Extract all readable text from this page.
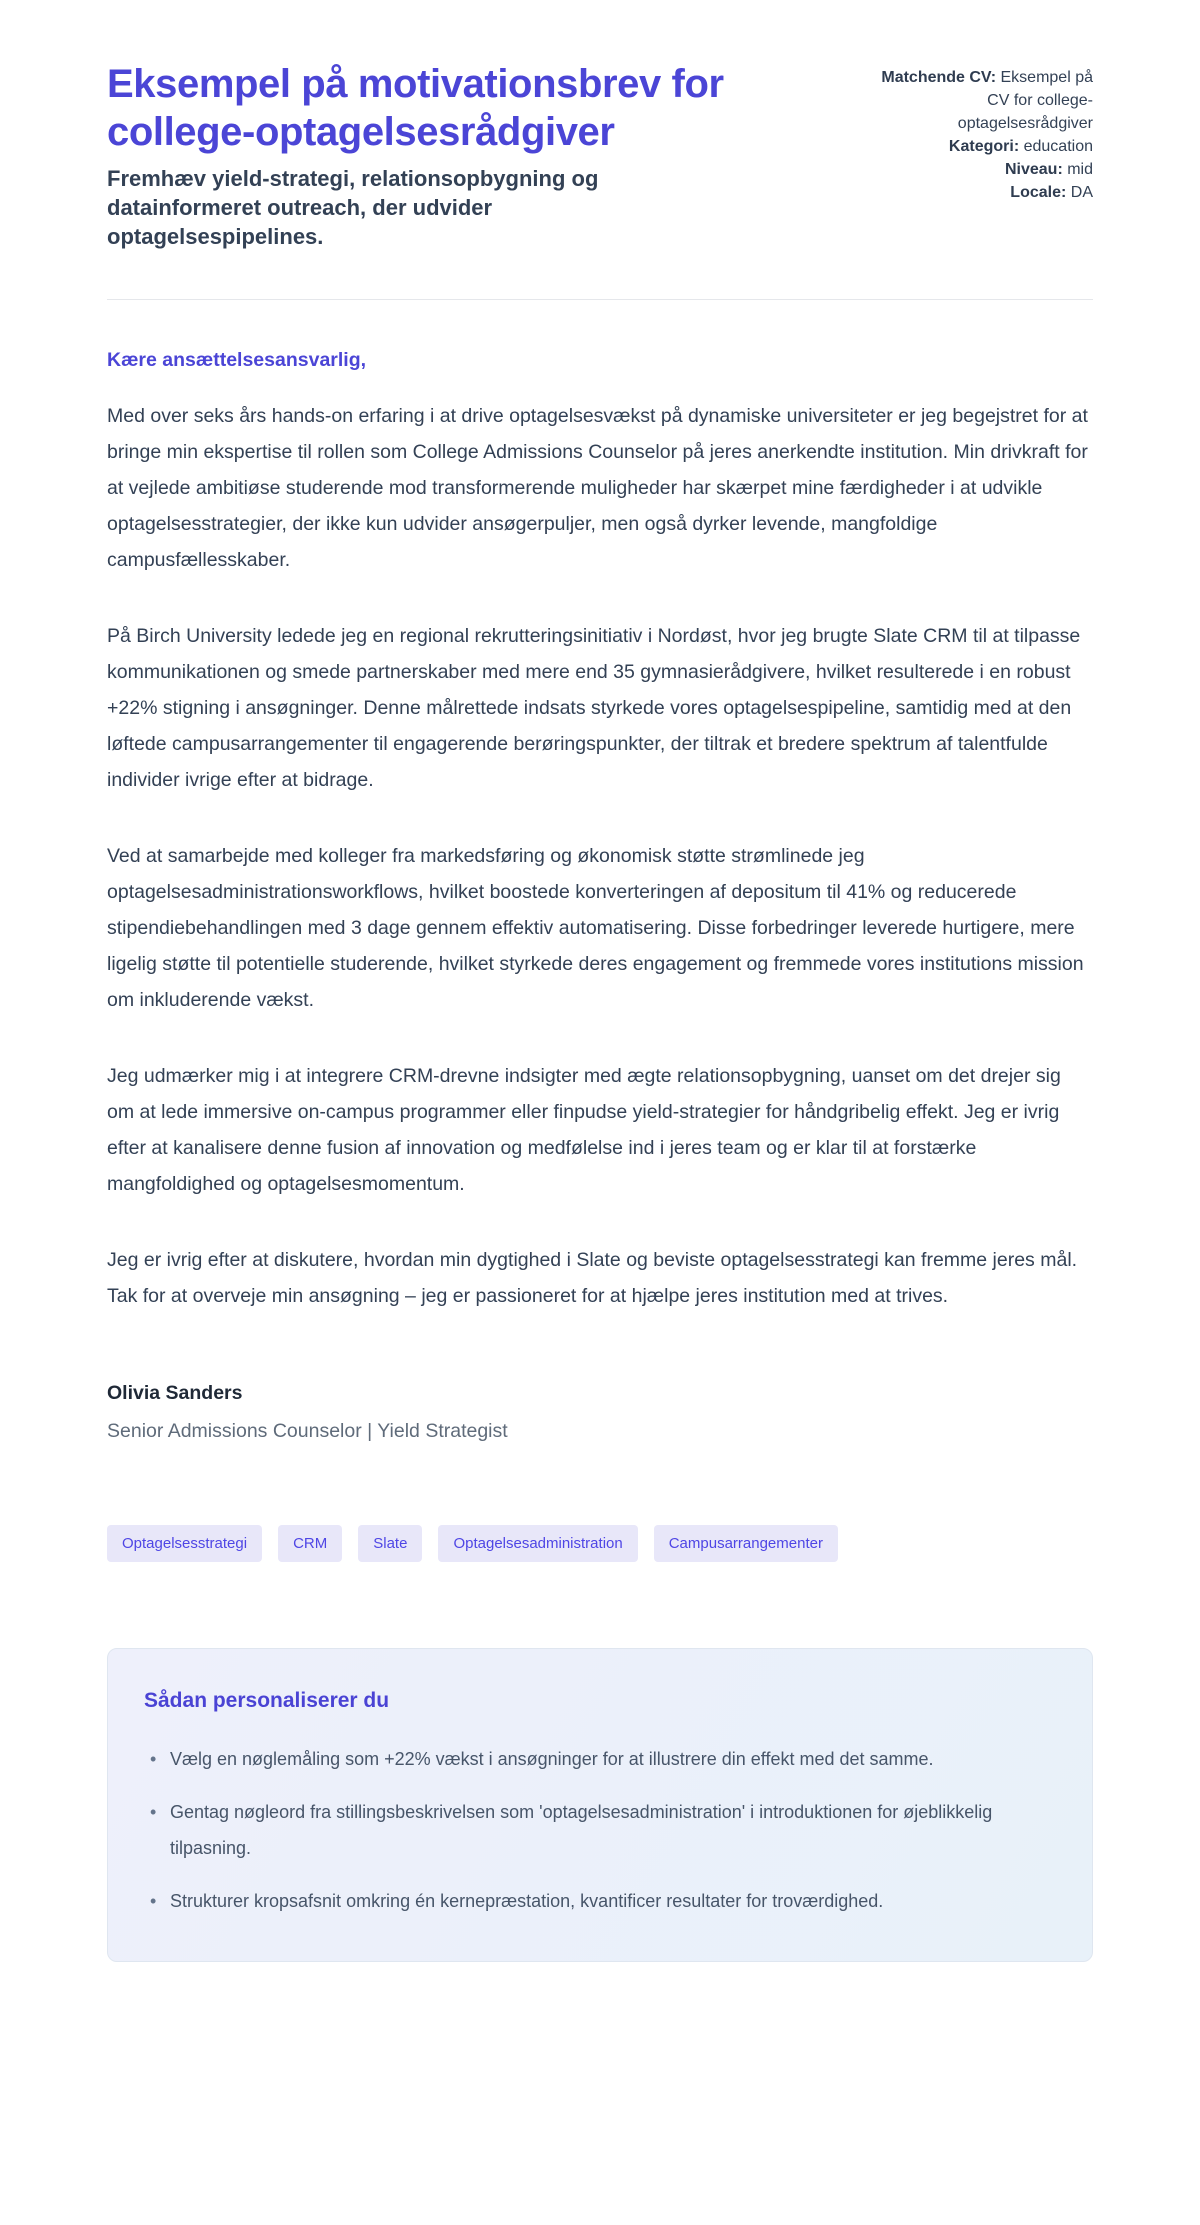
Eksempel på motivationsbrev for college-optagelsesrådgiver
Fremhæv yield-strategi, relationsopbygning og datainformeret outreach, der udvider optagelsespipelines.
Matchende CV: Eksempel på CV for college-optagelsesrådgiver
Kategori: education
Niveau: mid
Locale: DA
Kære ansættelsesansvarlig,

Med over seks års hands-on erfaring i at drive optagelsesvækst på dynamiske universiteter er jeg begejstret for at bringe min ekspertise til rollen som College Admissions Counselor på jeres anerkendte institution. Min drivkraft for at vejlede ambitiøse studerende mod transformerende muligheder har skærpet mine færdigheder i at udvikle optagelsesstrategier, der ikke kun udvider ansøgerpuljer, men også dyrker levende, mangfoldige campusfællesskaber.

På Birch University ledede jeg en regional rekrutteringsinitiativ i Nordøst, hvor jeg brugte Slate CRM til at tilpasse kommunikationen og smede partnerskaber med mere end 35 gymnasierådgivere, hvilket resulterede i en robust +22% stigning i ansøgninger. Denne målrettede indsats styrkede vores optagelsespipeline, samtidig med at den løftede campusarrangementer til engagerende berøringspunkter, der tiltrak et bredere spektrum af talentfulde individer ivrige efter at bidrage.

Ved at samarbejde med kolleger fra markedsføring og økonomisk støtte strømlinede jeg optagelsesadministrationsworkflows, hvilket boostede konverteringen af depositum til 41% og reducerede stipendiebehandlingen med 3 dage gennem effektiv automatisering. Disse forbedringer leverede hurtigere, mere ligelig støtte til potentielle studerende, hvilket styrkede deres engagement og fremmede vores institutions mission om inkluderende vækst.

Jeg udmærker mig i at integrere CRM-drevne indsigter med ægte relationsopbygning, uanset om det drejer sig om at lede immersive on-campus programmer eller finpudse yield-strategier for håndgribelig effekt. Jeg er ivrig efter at kanalisere denne fusion af innovation og medfølelse ind i jeres team og er klar til at forstærke mangfoldighed og optagelsesmomentum.

Jeg er ivrig efter at diskutere, hvordan min dygtighed i Slate og beviste optagelsesstrategi kan fremme jeres mål. Tak for at overveje min ansøgning – jeg er passioneret for at hjælpe jeres institution med at trives.

Olivia Sanders
Senior Admissions Counselor | Yield Strategist
Optagelsesstrategi	CRM	Slate	Optagelsesadministration	Campusarrangementer
Sådan personaliserer du
• Vælg en nøglemåling som +22% vækst i ansøgninger for at illustrere din effekt med det samme.
• Gentag nøgleord fra stillingsbeskrivelsen som 'optagelsesadministration' i introduktionen for øjeblikkelig tilpasning.
• Strukturer kropsafsnit omkring én kernepræstation, kvantificer resultater for troværdighed.
